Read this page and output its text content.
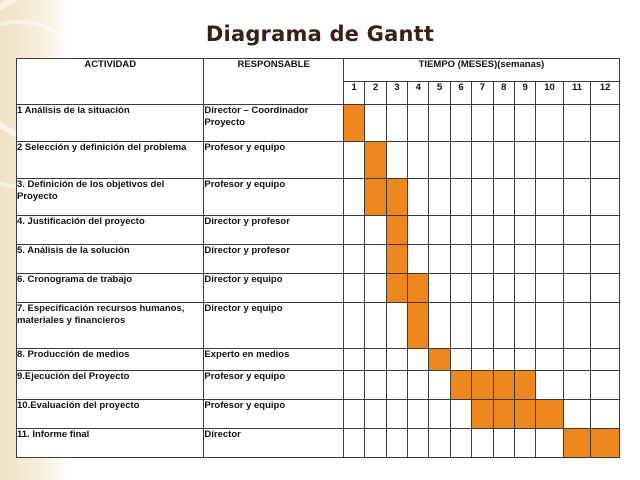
Diagrama de Gantt
ACTIVIDAD	RESPONSABLE	TIEMPO (MESES)(semanas)											
		1	2	3	4	5	6	7	8	9	10	11	12
1 Análisis de la situación	Director – Coordinador Proyecto												
2 Selección y definición del problema	Profesor y equipo												
3. Definición de los objetivos del Proyecto	Profesor y equipo												
4. Justificación del proyecto	Director y profesor												
5. Análisis de la solución	Director y profesor												
6. Cronograma de trabajo	Director y equipo												
7. Especificación recursos humanos, materiales y financieros	Director y equipo												
8. Producción de medios	Experto en medios												
9.Ejecución del Proyecto	Profesor y equipo												
10.Evaluación del proyecto	Profesor y equipo												
11. Informe final	Director												
